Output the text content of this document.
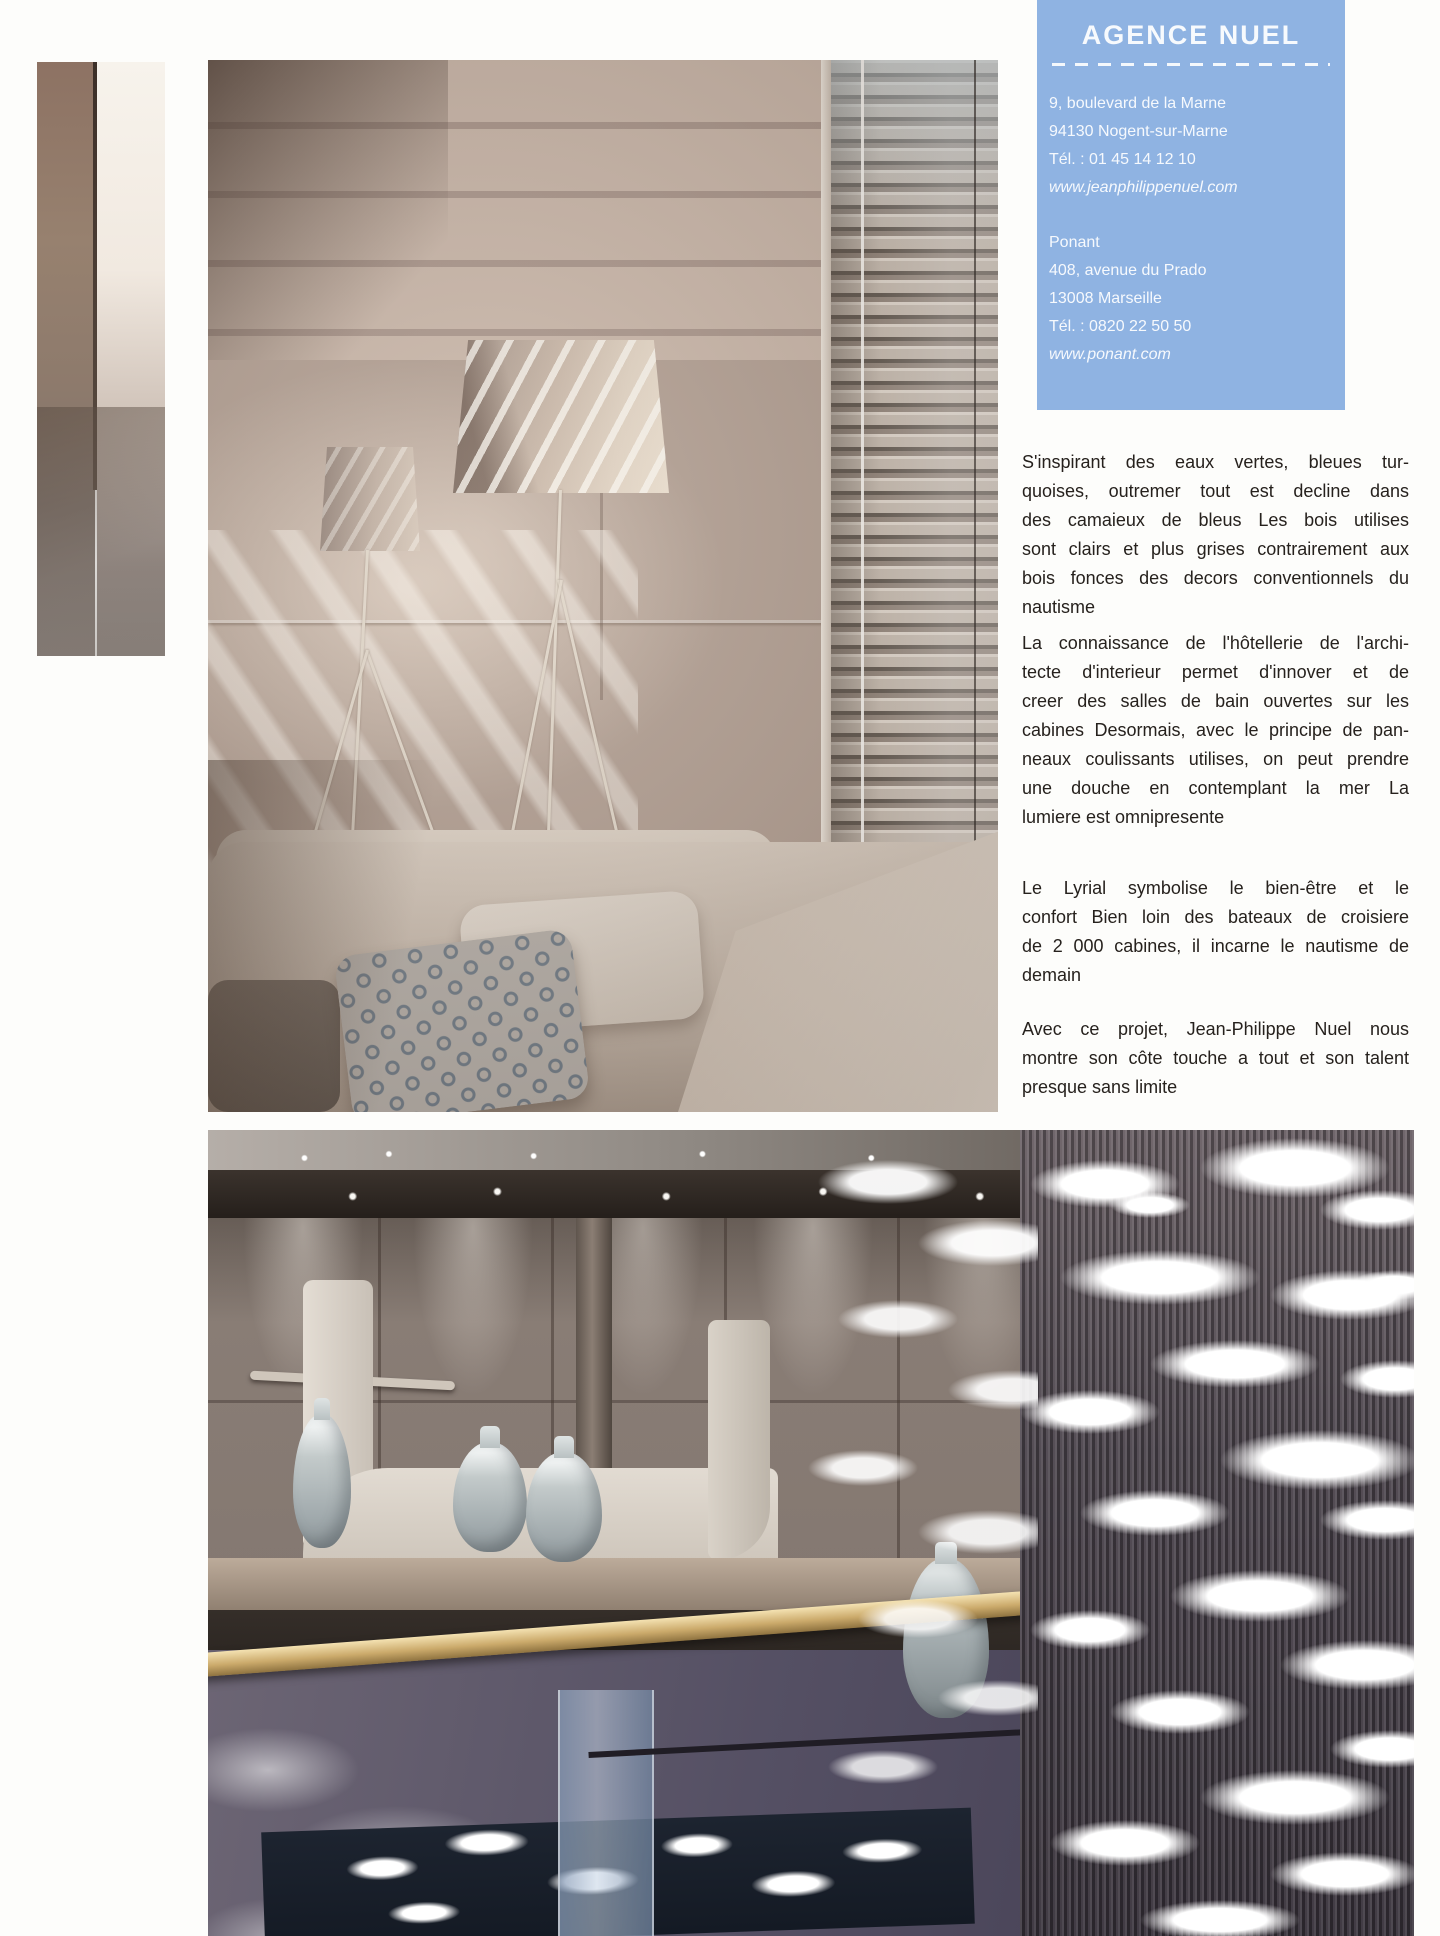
AGENCE NUEL
9, boulevard de la Marne
94130 Nogent-sur-Marne
Tél. : 01 45 14 12 10
www.jeanphilippenuel.com
Ponant
408, avenue du Prado
13008 Marseille
Tél. : 0820 22 50 50
www.ponant.com
S'inspirant des eaux vertes, bleues tur-
quoises, outremer tout est decline dans
des camaieux de bleus Les bois utilises
sont clairs et plus grises contrairement aux
bois fonces des decors conventionnels du
nautisme
La connaissance de l'hôtellerie de l'archi-
tecte d'interieur permet d'innover et de
creer des salles de bain ouvertes sur les
cabines Desormais, avec le principe de pan-
neaux coulissants utilises, on peut prendre
une douche en contemplant la mer La
lumiere est omnipresente
Le Lyrial symbolise le bien-être et le
confort Bien loin des bateaux de croisiere
de 2 000 cabines, il incarne le nautisme de
demain
Avec ce projet, Jean-Philippe Nuel nous
montre son côte touche a tout et son talent
presque sans limite
